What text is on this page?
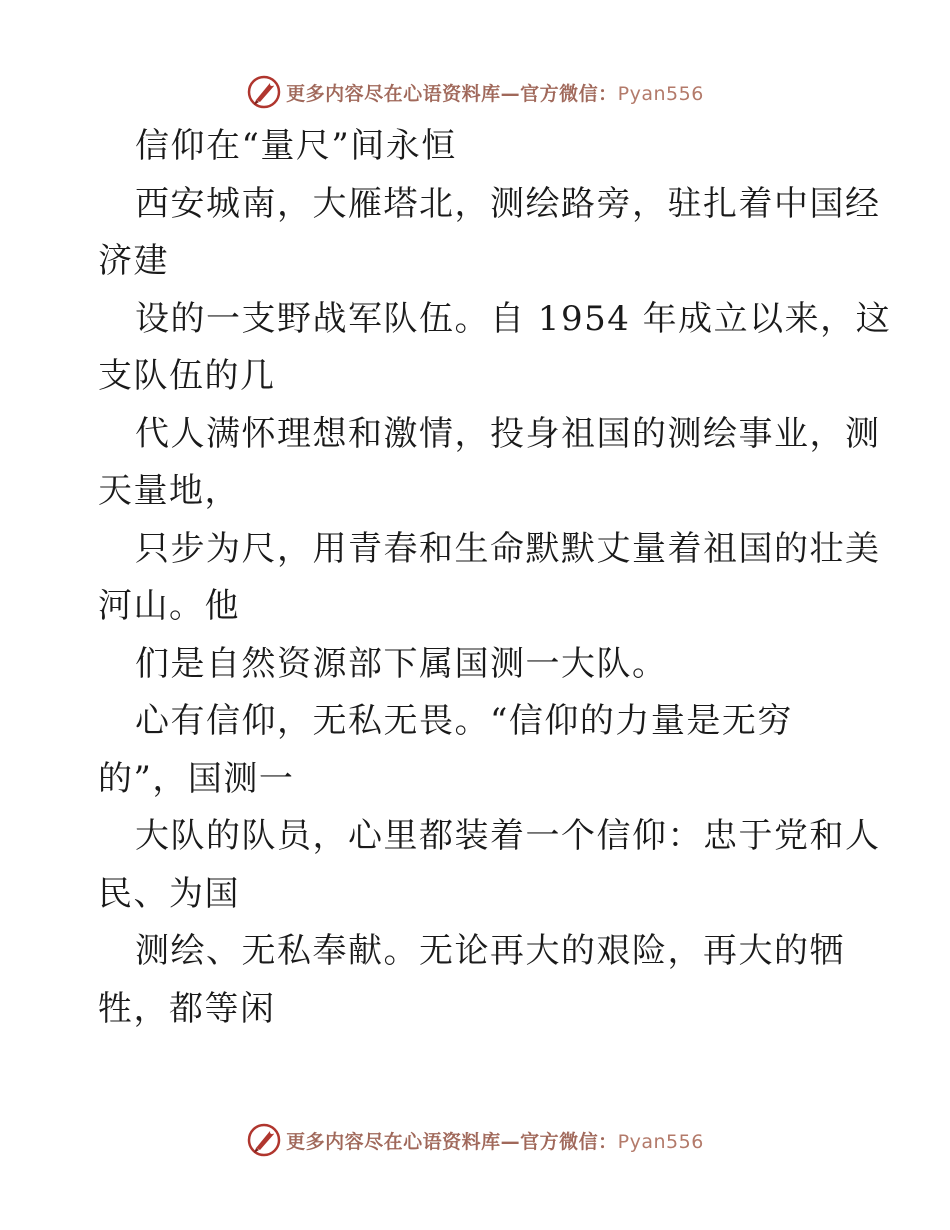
更多内容尽在心语资料库—官方微信：Pyan556
信仰在“量尺”间永恒
西安城南，大雁塔北，测绘路旁，驻扎着中国经
济建
设的一支野战军队伍。自 1954 年成立以来，这
支队伍的几
代人满怀理想和激情，投身祖国的测绘事业，测
天量地，
只步为尺，用青春和生命默默丈量着祖国的壮美
河山。他
们是自然资源部下属国测一大队。
心有信仰，无私无畏。“信仰的力量是无穷
的”，国测一
大队的队员，心里都装着一个信仰：忠于党和人
民、为国
测绘、无私奉献。无论再大的艰险，再大的牺
牲，都等闲
更多内容尽在心语资料库—官方微信：Pyan556
